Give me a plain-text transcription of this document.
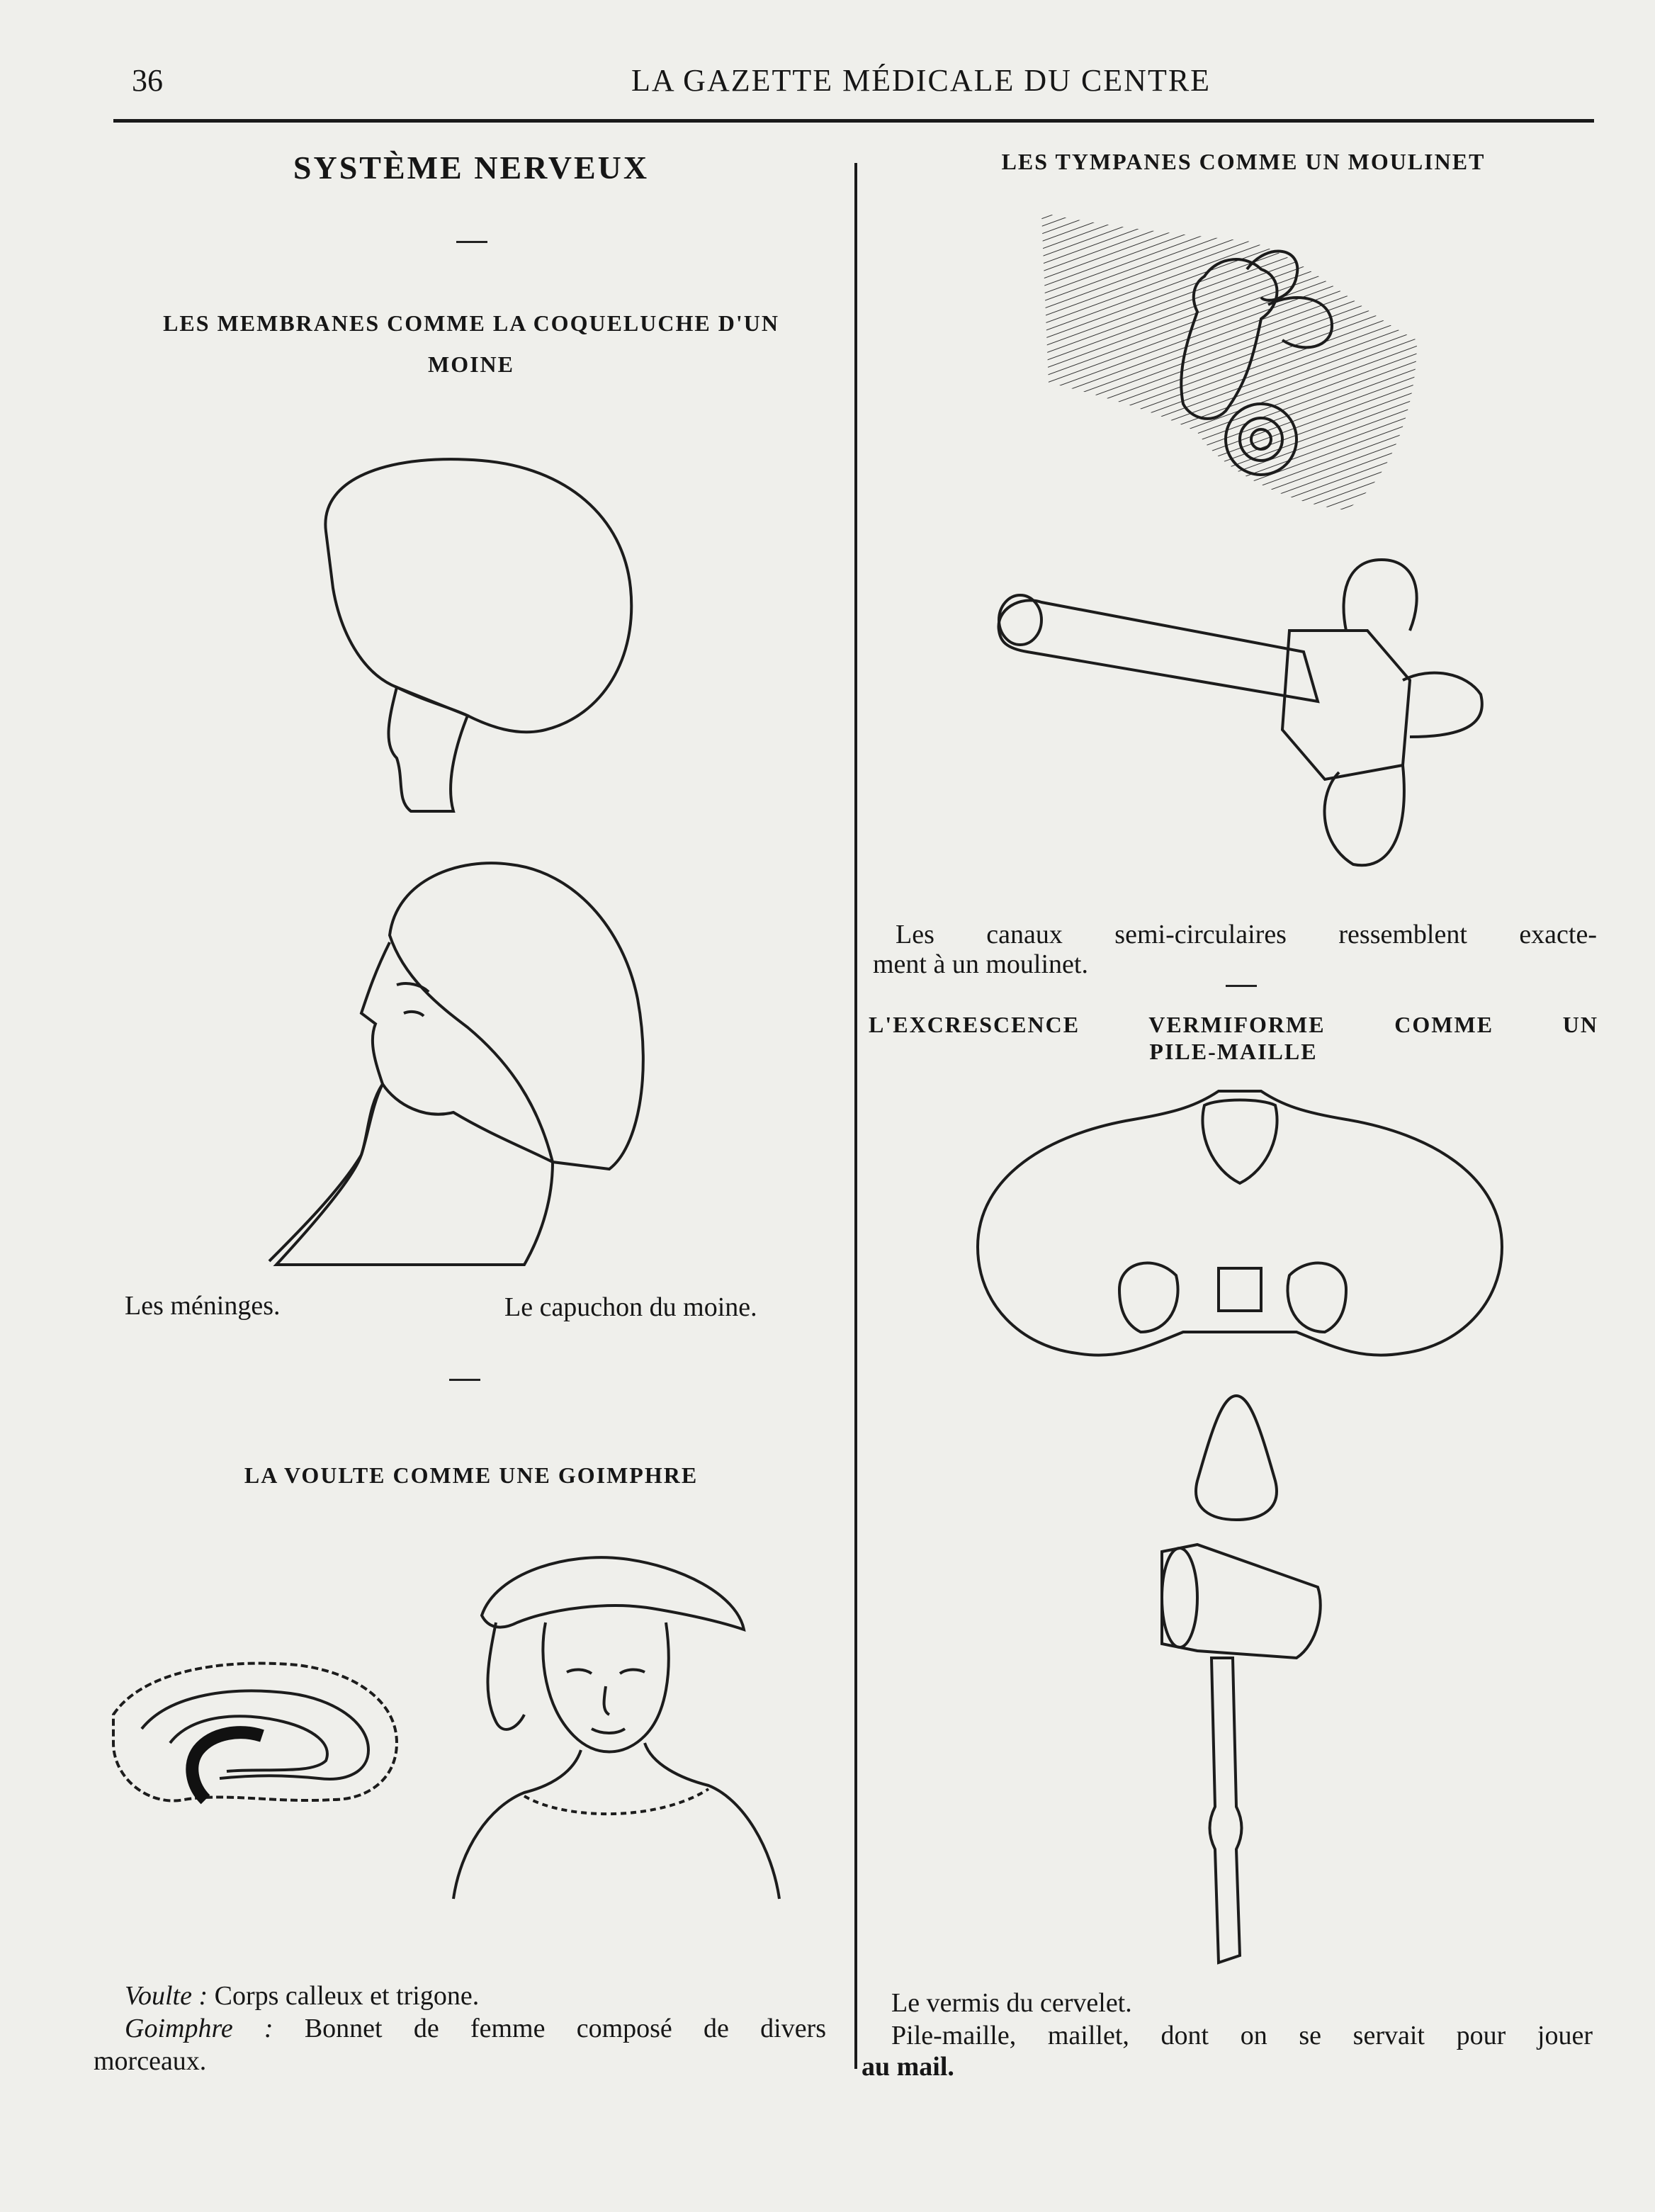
36	LA GAZETTE MÉDICALE DU CENTRE
SYSTÈME NERVEUX
LES MEMBRANES COMME LA COQUELUCHE D'UN
MOINE
Les méninges.	Le capuchon du moine.
LA VOULTE COMME UNE GOIMPHRE
Voulte : Corps calleux et trigone.
Goimphre : Bonnet de femme composé de divers
morceaux.
LES TYMPANES COMME UN MOULINET
Les canaux semi-circulaires ressemblent exacte-
ment à un moulinet.
L'EXCRESCENCE VERMIFORME COMME UN
PILE-MAILLE
Le vermis du cervelet.
Pile-maille, maillet, dont on se servait pour jouer
au mail.
